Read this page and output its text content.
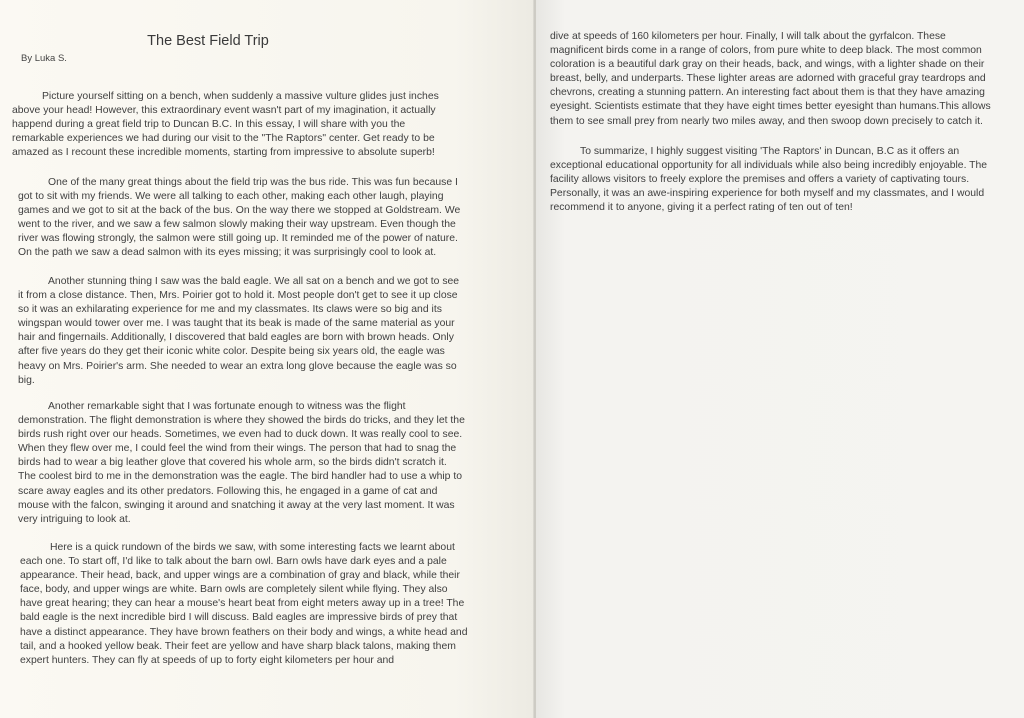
The Best Field Trip
By Luka S.

Picture yourself sitting on a bench, when suddenly a massive vulture glides just inches above your head! However, this extraordinary event wasn't part of my imagination, it actually happend during a great field trip to Duncan B.C. In this essay, I will share with you the remarkable experiences we had during our visit to the "The Raptors" center. Get ready to be amazed as I recount these incredible moments, starting from impressive to absolute superb!

One of the many great things about the field trip was the bus ride. This was fun because I got to sit with my friends. We were all talking to each other, making each other laugh, playing games and we got to sit at the back of the bus. On the way there we stopped at Goldstream. We went to the river, and we saw a few salmon slowly making their way upstream. Even though the river was flowing strongly, the salmon were still going up. It reminded me of the power of nature. On the path we saw a dead salmon with its eyes missing; it was surprisingly cool to look at.

Another stunning thing I saw was the bald eagle. We all sat on a bench and we got to see it from a close distance. Then, Mrs. Poirier got to hold it. Most people don't get to see it up close so it was an exhilarating experience for me and my classmates. Its claws were so big and its wingspan would tower over me. I was taught that its beak is made of the same material as your hair and fingernails. Additionally, I discovered that bald eagles are born with brown heads. Only after five years do they get their iconic white color. Despite being six years old, the eagle was heavy on Mrs. Poirier's arm. She needed to wear an extra long glove because the eagle was so big.

Another remarkable sight that I was fortunate enough to witness was the flight demonstration. The flight demonstration is where they showed the birds do tricks, and they let the birds rush right over our heads. Sometimes, we even had to duck down. It was really cool to see. When they flew over me, I could feel the wind from their wings. The person that had to snag the birds had to wear a big leather glove that covered his whole arm, so the birds didn't scratch it. The coolest bird to me in the demonstration was the eagle. The bird handler had to use a whip to scare away eagles and its other predators. Following this, he engaged in a game of cat and mouse with the falcon, swinging it around and snatching it away at the very last moment. It was very intriguing to look at.

Here is a quick rundown of the birds we saw, with some interesting facts we learnt about each one. To start off, I'd like to talk about the barn owl. Barn owls have dark eyes and a pale appearance. Their head, back, and upper wings are a combination of gray and black, while their face, body, and upper wings are white. Barn owls are completely silent while flying. They also have great hearing; they can hear a mouse's heart beat from eight meters away up in a tree! The bald eagle is the next incredible bird I will discuss. Bald eagles are impressive birds of prey that have a distinct appearance. They have brown feathers on their body and wings, a white head and tail, and a hooked yellow beak. Their feet are yellow and have sharp black talons, making them expert hunters. They can fly at speeds of up to forty eight kilometers per hour and

dive at speeds of 160 kilometers per hour. Finally, I will talk about the gyrfalcon. These magnificent birds come in a range of colors, from pure white to deep black. The most common coloration is a beautiful dark gray on their heads, back, and wings, with a lighter shade on their breast, belly, and underparts. These lighter areas are adorned with graceful gray teardrops and chevrons, creating a stunning pattern. An interesting fact about them is that they have amazing eyesight. Scientists estimate that they have eight times better eyesight than humans.This allows them to see small prey from nearly two miles away, and then swoop down precisely to catch it.

To summarize, I highly suggest visiting 'The Raptors' in Duncan, B.C as it offers an exceptional educational opportunity for all individuals while also being incredibly enjoyable. The facility allows visitors to freely explore the premises and offers a variety of captivating tours. Personally, it was an awe-inspiring experience for both myself and my classmates, and I would recommend it to anyone, giving it a perfect rating of ten out of ten!
